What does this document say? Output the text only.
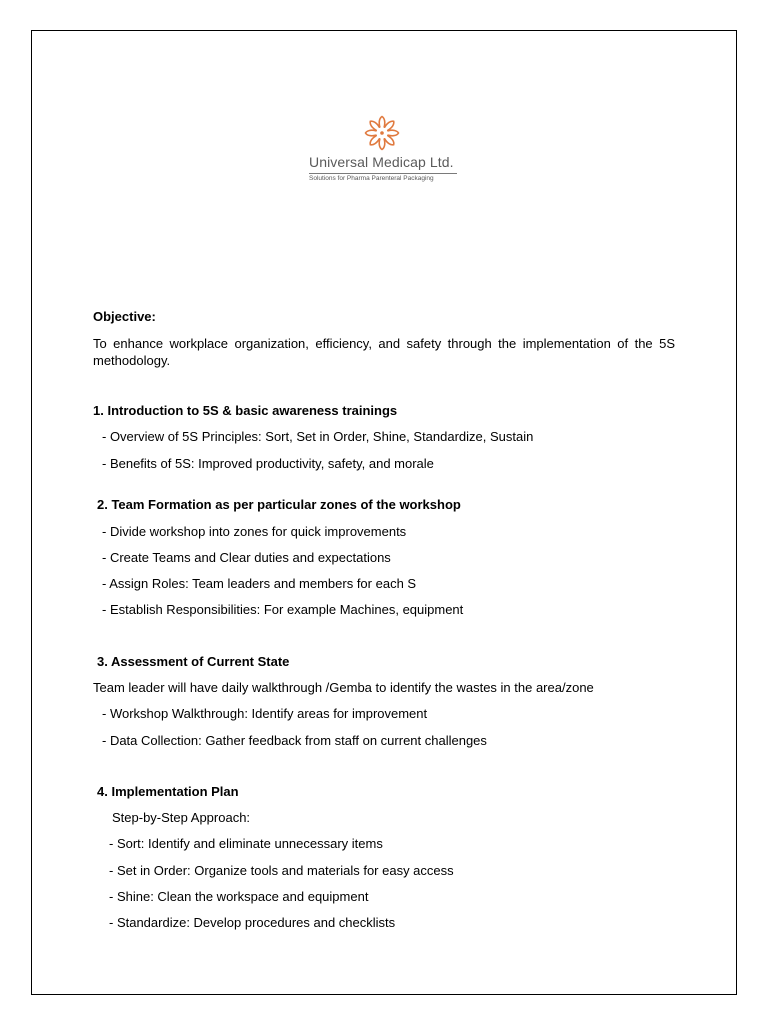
Universal Medicap Ltd.
Solutions for Pharma Parenteral Packaging
Objective:
To enhance workplace organization, efficiency, and safety through the implementation of the 5S methodology.
1. Introduction to 5S & basic awareness trainings
- Overview of 5S Principles: Sort, Set in Order, Shine, Standardize, Sustain
- Benefits of 5S: Improved productivity, safety, and morale
2. Team Formation as per particular zones of the workshop
- Divide workshop into zones for quick improvements
- Create Teams and Clear duties and expectations
- Assign Roles: Team leaders and members for each S
- Establish Responsibilities: For example Machines, equipment
3. Assessment of Current State
Team leader will have daily walkthrough /Gemba to identify the wastes in the area/zone
- Workshop Walkthrough: Identify areas for improvement
- Data Collection: Gather feedback from staff on current challenges
4. Implementation Plan
Step-by-Step Approach:
- Sort: Identify and eliminate unnecessary items
- Set in Order: Organize tools and materials for easy access
- Shine: Clean the workspace and equipment
- Standardize: Develop procedures and checklists
